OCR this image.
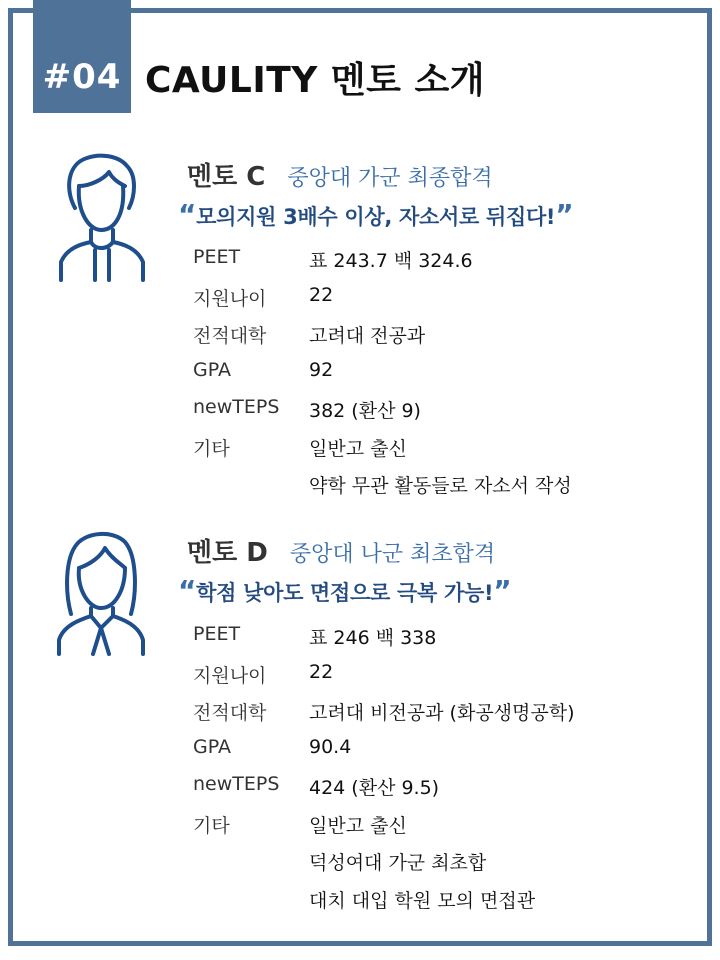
#04 CAULITY 멘토 소개
멘토 C 중앙대 가군 최종합격
“모의지원 3배수 이상, 자소서로 뒤집다!”
PEET	표 243.7 백 324.6
지원나이 22
전적대학 고려대 전공과
GPA	92
newTEPS 382 (환산 9)
기타	일반고 출신
약학 무관 활동들로 자소서 작성
멘토 D 중앙대 나군 최초합격
“학점 낮아도 면접으로 극복 가능!”
PEET	표 246 백 338
지원나이 22
전적대학 고려대 비전공과 (화공생명공학)
GPA	90.4
newTEPS 424 (환산 9.5)
기타	일반고 출신
덕성여대 가군 최초합
대치 대입 학원 모의 면접관
